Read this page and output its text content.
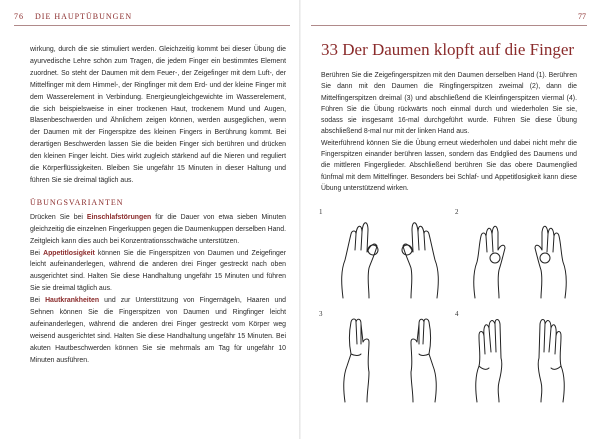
76 DIE HAUPTÜBUNGEN

wirkung, durch die sie stimuliert werden. Gleichzeitig kommt bei dieser Übung die ayurvedische Lehre schön zum Tragen, die jedem Finger ein bestimmtes Element zuordnet. So steht der Daumen mit dem Feuer-, der Zeigefinger mit dem Luft-, der Mittelfinger mit dem Himmel-, der Ringfinger mit dem Erd- und der kleine Finger mit dem Wasserelement in Verbindung. Energieungleichgewichte im Wasserelement, die sich beispielsweise in einer trockenen Haut, trockenem Mund und Augen, Blasenbeschwerden und Ähnlichem zeigen können, werden ausgeglichen, wenn der Daumen mit der Fingerspitze des kleinen Fingers in Berührung kommt. Bei derartigen Beschwerden lassen Sie die beiden Finger sich berühren und drücken den kleinen Finger leicht. Dies wirkt zugleich stärkend auf die Nieren und reguliert die Körperflüssigkeiten. Bleiben Sie ungefähr 15 Minuten in dieser Haltung und führen Sie sie dreimal täglich aus.

ÜBUNGSVARIANTEN

Drücken Sie bei Einschlafstörungen für die Dauer von etwa sieben Minuten gleichzeitig die einzelnen Fingerkuppen gegen die Daumenkuppen derselben Hand. Zeitgleich kann dies auch bei Konzentrationsschwäche unterstützen.

Bei Appetitlosigkeit können Sie die Fingerspitzen von Daumen und Zeigefinger leicht aufeinanderlegen, während die anderen drei Finger gestreckt nach oben ausgerichtet sind. Halten Sie diese Handhaltung ungefähr 15 Minuten und führen Sie sie dreimal täglich aus.

Bei Hautkrankheiten und zur Unterstützung von Fingernägeln, Haaren und Sehnen können Sie die Fingerspitzen von Daumen und Ringfinger leicht aufeinanderlegen, während die anderen drei Finger gestreckt vom Körper weg weisend ausgerichtet sind. Halten Sie diese Handhaltung ungefähr 15 Minuten. Bei akuten Hautbeschwerden können Sie sie mehrmals am Tag für ungefähr 10 Minuten ausführen.

77
33 Der Daumen klopft auf die Finger

Berühren Sie die Zeigefingerspitzen mit den Daumen derselben Hand (1). Berühren Sie dann mit den Daumen die Ringfingerspitzen zweimal (2), dann die Mittelfingerspitzen dreimal (3) und abschließend die Kleinfingerspitzen viermal (4). Führen Sie die Übung rückwärts noch einmal durch und wiederholen Sie sie, sodass sie insgesamt 16-mal durchgeführt wurde. Führen Sie diese Übung abschließend 8-mal nur mit der linken Hand aus.

Weiterführend können Sie die Übung erneut wiederholen und dabei nicht mehr die Fingerspitzen einander berühren lassen, sondern das Endglied des Daumens und die mittleren Fingerglieder. Abschließend berühren Sie das obere Daumenglied fünfmal mit dem Mittelfinger. Besonders bei Schlaf- und Appetitlosigkeit kann diese Übung unterstützend wirken.

1	2
3	4
